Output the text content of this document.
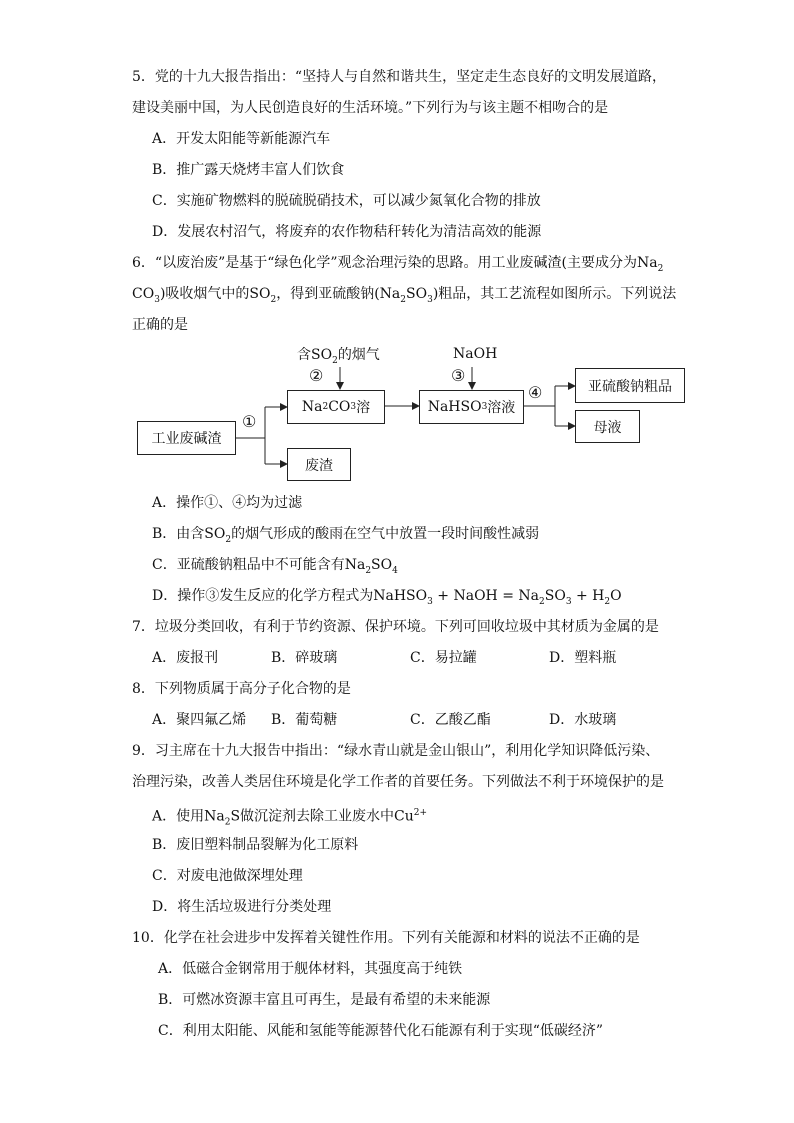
5．党的十九大报告指出：“坚持人与自然和谐共生，坚定走生态良好的文明发展道路，
建设美丽中国，为人民创造良好的生活环境。”下列行为与该主题不相吻合的是
A．开发太阳能等新能源汽车
B．推广露天烧烤丰富人们饮食
C．实施矿物燃料的脱硫脱硝技术，可以减少氮氧化合物的排放
D．发展农村沼气，将废弃的农作物秸秆转化为清洁高效的能源
6．“以废治废”是基于“绿色化学”观念治理污染的思路。用工业废碱渣(主要成分为$Na_2$
$CO_3$)吸收烟气中的$SO_2$，得到亚硫酸钠$(Na_2SO_3)$粗品，其工艺流程如图所示。下列说法
正确的是
工业废碱渣
Na 2 CO 3 溶
废渣
NaHSO 3 溶液
亚硫酸钠粗品
母液
含$SO_2$的烟气	NaOH
①
②	③
④
A．操作①、④均为过滤
B．由含$SO_2$的烟气形成的酸雨在空气中放置一段时间酸性减弱
C．亚硫酸钠粗品中不可能含有$Na_2SO_4$
D．操作③发生反应的化学方程式为NaHSO$_3$ + NaOH = $Na_2SO_3 + H_2O$
7．垃圾分类回收，有利于节约资源、保护环境。下列可回收垃圾中其材质为金属的是
A．废报刊	B．碎玻璃	C．易拉罐	D．塑料瓶
8．下列物质属于高分子化合物的是
A．聚四氟乙烯 B．葡萄糖	C．乙酸乙酯	D．水玻璃
9．习主席在十九大报告中指出：“绿水青山就是金山银山”，利用化学知识降低污染、
治理污染，改善人类居住环境是化学工作者的首要任务。下列做法不利于环境保护的是
A．使用$Na_2S$做沉淀剂去除工业废水中$Cu^{2+}$
B．废旧塑料制品裂解为化工原料
C．对废电池做深埋处理
D．将生活垃圾进行分类处理
10．化学在社会进步中发挥着关键性作用。下列有关能源和材料的说法不正确的是
A．低磁合金钢常用于舰体材料，其强度高于纯铁
B．可燃冰资源丰富且可再生，是最有希望的未来能源
C．利用太阳能、风能和氢能等能源替代化石能源有利于实现“低碳经济”
